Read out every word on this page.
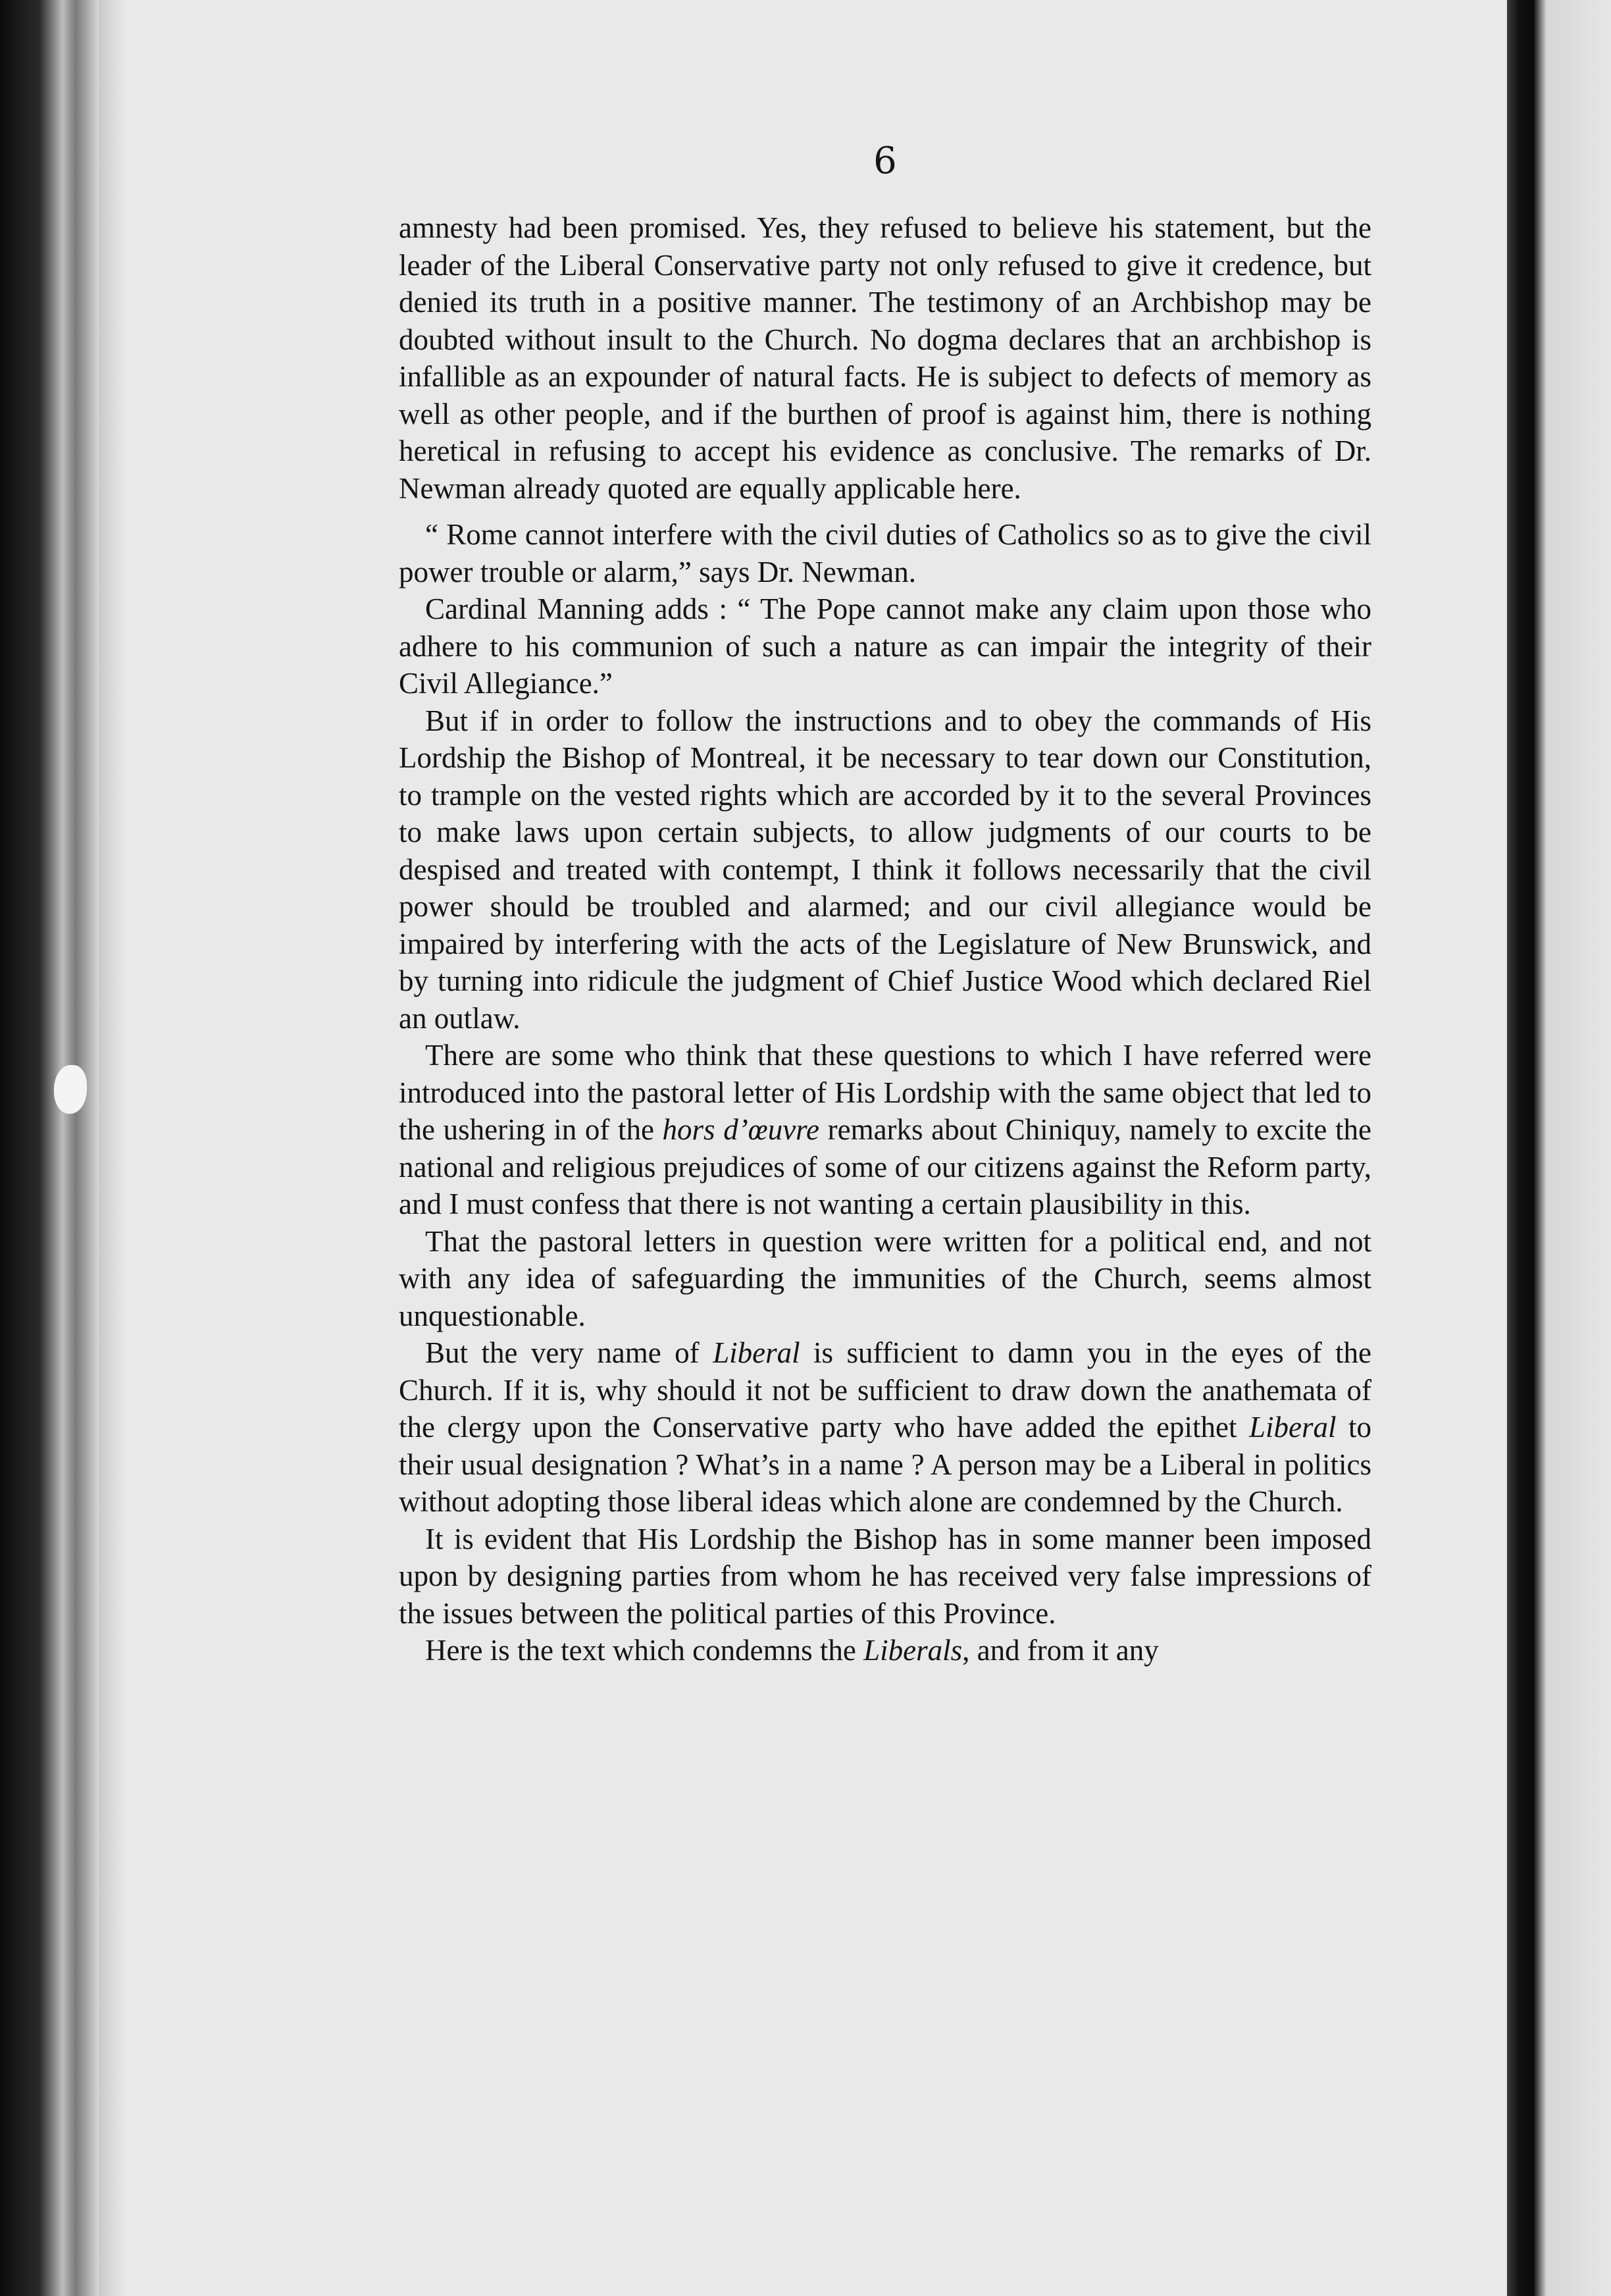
6

amnesty had been promised. Yes, they refused to believe his statement, but the leader of the Liberal Conservative party not only refused to give it credence, but denied its truth in a positive manner. The testimony of an Archbishop may be doubted without insult to the Church. No dogma declares that an archbishop is infallible as an expounder of natural facts. He is subject to defects of memory as well as other people, and if the burthen of proof is against him, there is nothing heretical in refusing to accept his evidence as conclusive. The remarks of Dr. Newman already quoted are equally applicable here.

“ Rome cannot interfere with the civil duties of Catholics so as to give the civil power trouble or alarm,” says Dr. Newman.

Cardinal Manning adds : “ The Pope cannot make any claim upon those who adhere to his communion of such a nature as can impair the integrity of their Civil Allegiance.”

But if in order to follow the instructions and to obey the commands of His Lordship the Bishop of Montreal, it be necessary to tear down our Constitution, to trample on the vested rights which are accorded by it to the several Provinces to make laws upon certain subjects, to allow judgments of our courts to be despised and treated with contempt, I think it follows necessarily that the civil power should be troubled and alarmed; and our civil allegiance would be impaired by interfering with the acts of the Legislature of New Brunswick, and by turning into ridicule the judgment of Chief Justice Wood which declared Riel an outlaw.

There are some who think that these questions to which I have referred were introduced into the pastoral letter of His Lordship with the same object that led to the ushering in of the hors d’œuvre remarks about Chiniquy, namely to excite the national and religious prejudices of some of our citizens against the Reform party, and I must confess that there is not wanting a certain plausibility in this.

That the pastoral letters in question were written for a political end, and not with any idea of safeguarding the immunities of the Church, seems almost unquestionable.

But the very name of Liberal is sufficient to damn you in the eyes of the Church. If it is, why should it not be sufficient to draw down the anathemata of the clergy upon the Conservative party who have added the epithet Liberal to their usual designation ? What’s in a name ? A person may be a Liberal in politics without adopting those liberal ideas which alone are condemned by the Church.

It is evident that His Lordship the Bishop has in some manner been imposed upon by designing parties from whom he has received very false impressions of the issues between the political parties of this Province.

Here is the text which condemns the Liberals, and from it any
